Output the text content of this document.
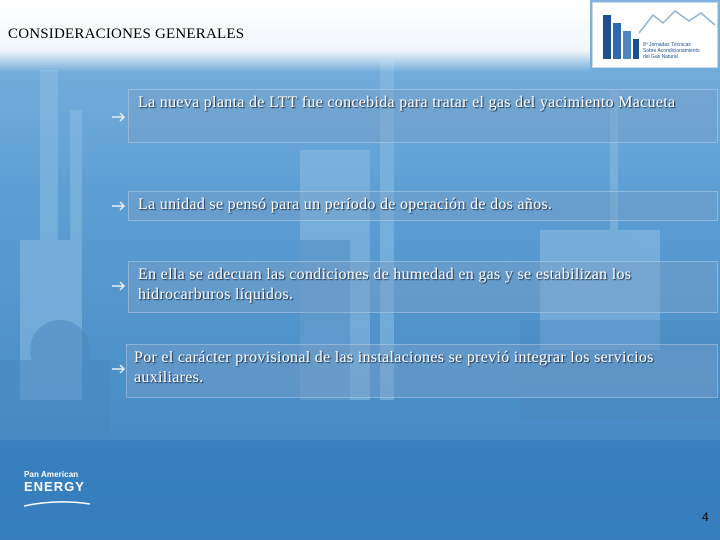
CONSIDERACIONES GENERALES
8º Jornadas Técnicas
Sobre Acondicionamiento
del Gas Natural
La nueva planta de LTT fue concebida para tratar el gas del yacimiento Macueta
La unidad se pensó para un período de operación de dos años.
En ella se adecuan las condiciones de humedad en gas y se estabilizan los hidrocarburos líquidos.
Por el carácter provisional de las instalaciones se previó integrar los servicios auxiliares.
Pan American
ENERGY
4
